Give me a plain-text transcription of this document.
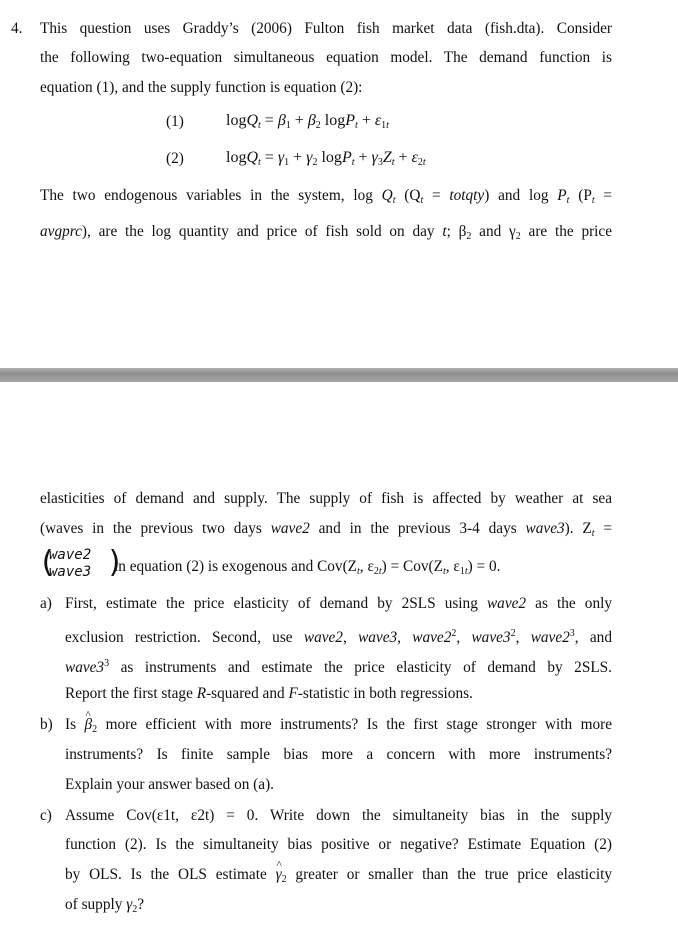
4.	This question uses Graddy’s (2006) Fulton fish market data (fish.dta). Consider
the following two-equation simultaneous equation model. The demand function is
equation (1), and the supply function is equation (2):
(1)	$\log Q_t = \beta_1 + \beta_2$ $\log P_t + \varepsilon_{1t}$
(2)	$\log Q_t = \gamma_1 + \gamma_2$ $\log P_t + \gamma_3Z_t + \varepsilon_{2t}$
The two endogenous variables in the system, $\log Q_t$ ($Q_t$ = totqty) and $\log P_t$ ($P_t$ =
avgprc), are the log quantity and price of fish sold on day t; $\beta_2$ and $\gamma_2$ are the price
elasticities of demand and supply. The supply of fish is affected by weather at sea
(waves in the previous two days wave2 and in the previous 3-4 days wave3). $Z_t$ =
(
wave2
wave3 )
in equation (2) is exogenous and $Cov(Z_t$, $\varepsilon_{2t}) = Cov(Z_t$, $\varepsilon_{1t}) = 0$.
a) First, estimate the price elasticity of demand by 2SLS using wave2 as the only
exclusion restriction. Second, use wave2, wave3, $wave2^2$, $wave3^2$, $wave2^3$, and
$wave3^3$ as instruments and estimate the price elasticity of demand by 2SLS.
Report the first stage R-squared and F-statistic in both regressions.
b) Is ^ $\beta_2$ more efficient with more instruments? Is the first stage stronger with more
instruments? Is finite sample bias more a concern with more instruments?
Explain your answer based on (a).
c) Assume Cov(ε1t, ε2t) = 0. Write down the simultaneity bias in the supply
function (2). Is the simultaneity bias positive or negative? Estimate Equation (2)
by OLS. Is the OLS estimate ^ $\gamma_2$ greater or smaller than the true price elasticity
of supply $\gamma_2$?
